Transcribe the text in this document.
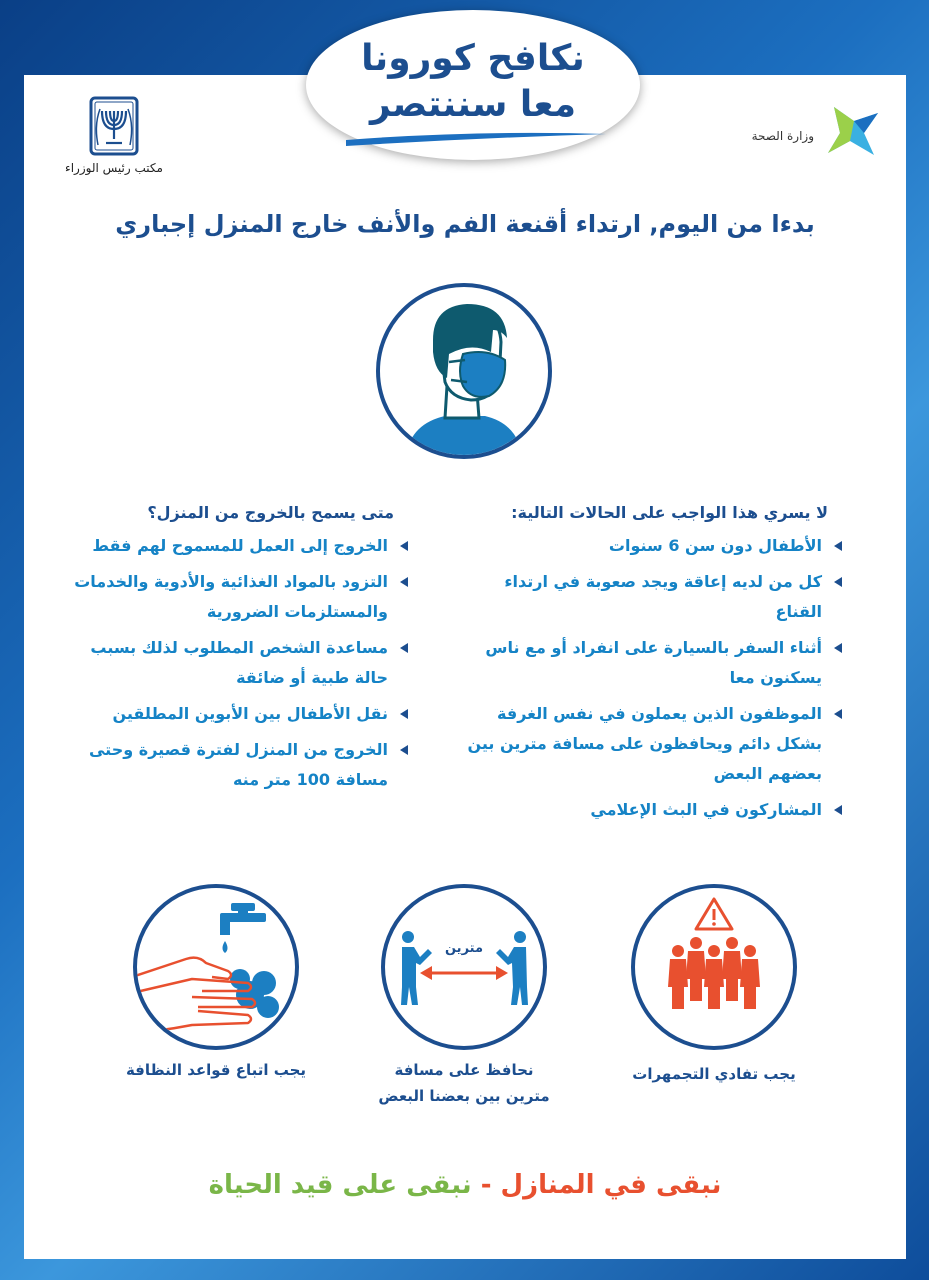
مكتب رئيس الوزراء
وزارة الصحة
بدءا من اليوم, ارتداء أقنعة الفم والأنف خارج المنزل إجباري
لا يسري هذا الواجب على الحالات التالية:
الأطفال دون سن 6 سنوات
كل من لديه إعاقة ويجد صعوبة في ارتداء القناع
أثناء السفر بالسيارة على انفراد أو مع ناس يسكنون معا
الموظفون الذين يعملون في نفس الغرفة بشكل دائم ويحافظون على مسافة مترين بين بعضهم البعض
المشاركون في البث الإعلامي
متى يسمح بالخروج من المنزل؟
الخروج إلى العمل للمسموح لهم فقط
التزود بالمواد الغذائية والأدوية والخدمات والمستلزمات الضرورية
مساعدة الشخص المطلوب لذلك بسبب حالة طبية أو ضائقة
نقل الأطفال بين الأبوين المطلقين
الخروج من المنزل لفترة قصيرة وحتى مسافة 100 متر منه
يجب اتباع قواعد النظافة
مترين
نحافظ على مسافة مترين بين بعضنا البعض
يجب تفادي التجمهرات
نبقى في المنازل - نبقى على قيد الحياة
نكافح كورونا
معا سننتصر
